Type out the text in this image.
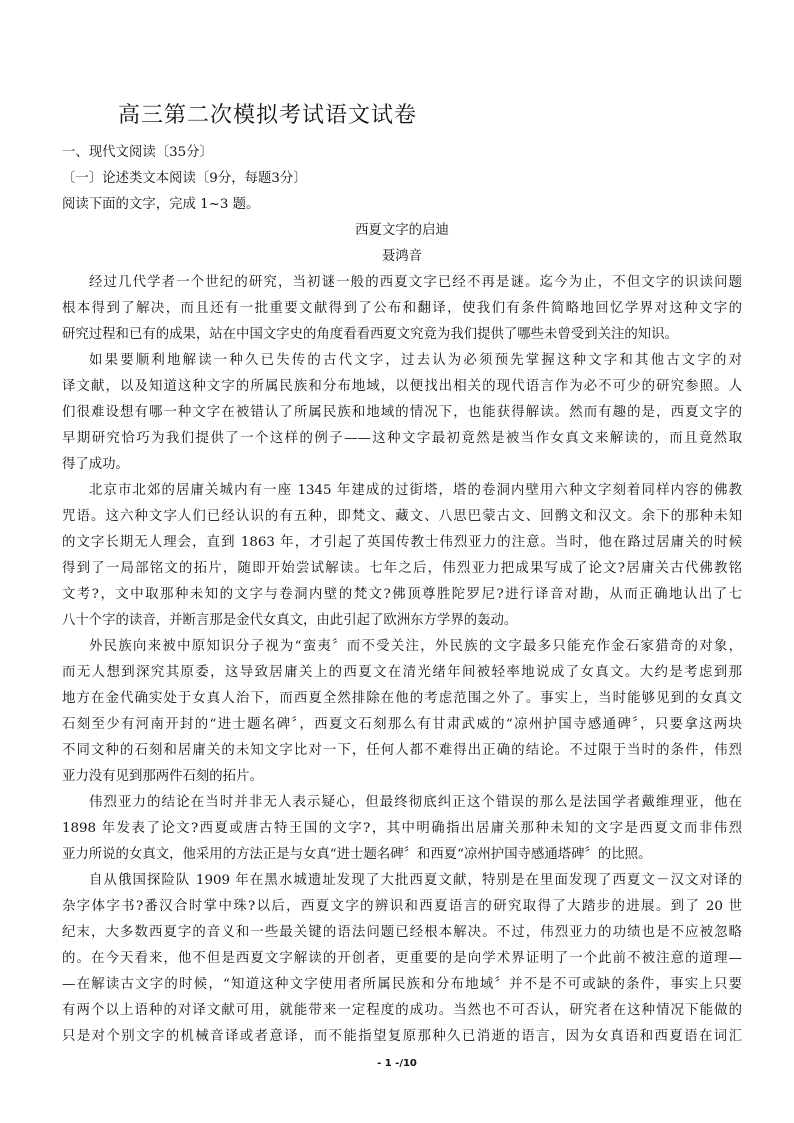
高三第二次模拟考试语文试卷
一、现代文阅读〔35分〕
〔一〕论述类文本阅读〔9分，每题3分〕
阅读下面的文字，完成 1~3 题。
西夏文字的启迪
聂鸿音
经过几代学者一个世纪的研究，当初谜一般的西夏文字已经不再是谜。迄今为止，不但文字的识读问题
根本得到了解决，而且还有一批重要文献得到了公布和翻译，使我们有条件简略地回忆学界对这种文字的
研究过程和已有的成果，站在中国文字史的角度看看西夏文究竟为我们提供了哪些未曾受到关注的知识。
如果要顺利地解读一种久已失传的古代文字，过去认为必须预先掌握这种文字和其他古文字的对
译文献，以及知道这种文字的所属民族和分布地域，以便找出相关的现代语言作为必不可少的研究参照。人
们很难设想有哪一种文字在被错认了所属民族和地域的情况下，也能获得解读。然而有趣的是，西夏文字的
早期研究恰巧为我们提供了一个这样的例子——这种文字最初竟然是被当作女真文来解读的，而且竟然取
得了成功。
北京市北郊的居庸关城内有一座 1345 年建成的过街塔，塔的卷洞内壁用六种文字刻着同样内容的佛教
咒语。这六种文字人们已经认识的有五种，即梵文、藏文、八思巴蒙古文、回鹘文和汉文。余下的那种未知
的文字长期无人理会，直到 1863 年，才引起了英国传教士伟烈亚力的注意。当时，他在路过居庸关的时候
得到了一局部铭文的拓片，随即开始尝试解读。七年之后，伟烈亚力把成果写成了论文?居庸关古代佛教铭
文考?，文中取那种未知的文字与卷洞内壁的梵文?佛顶尊胜陀罗尼?进行译音对勘，从而正确地认出了七
八十个字的读音，并断言那是金代女真文，由此引起了欧洲东方学界的轰动。
外民族向来被中原知识分子视为“蛮夷〞而不受关注，外民族的文字最多只能充作金石家猎奇的对象，
而无人想到深究其原委，这导致居庸关上的西夏文在清光绪年间被轻率地说成了女真文。大约是考虑到那
地方在金代确实处于女真人治下，而西夏全然排除在他的考虑范围之外了。事实上，当时能够见到的女真文
石刻至少有河南开封的“进士题名碑〞，西夏文石刻那么有甘肃武威的“凉州护国寺感通碑〞，只要拿这两块
不同文种的石刻和居庸关的未知文字比对一下，任何人都不难得出正确的结论。不过限于当时的条件，伟烈
亚力没有见到那两件石刻的拓片。
伟烈亚力的结论在当时并非无人表示疑心，但最终彻底纠正这个错误的那么是法国学者戴维理亚，他在
1898 年发表了论文?西夏或唐古特王国的文字?，其中明确指出居庸关那种未知的文字是西夏文而非伟烈
亚力所说的女真文，他采用的方法正是与女真“进士题名碑〞和西夏“凉州护国寺感通塔碑〞的比照。
自从俄国探险队 1909 年在黑水城遗址发现了大批西夏文献，特别是在里面发现了西夏文－汉文对译的
杂字体字书?番汉合时掌中珠?以后，西夏文字的辨识和西夏语言的研究取得了大踏步的进展。到了 20 世
纪末，大多数西夏字的音义和一些最关键的语法问题已经根本解决。不过，伟烈亚力的功绩也是不应被忽略
的。在今天看来，他不但是西夏文字解读的开创者，更重要的是向学术界证明了一个此前不被注意的道理—
—在解读古文字的时候，“知道这种文字使用者所属民族和分布地域〞并不是不可或缺的条件，事实上只要
有两个以上语种的对译文献可用，就能带来一定程度的成功。当然也不可否认，研究者在这种情况下能做的
只是对个别文字的机械音译或者意译，而不能指望复原那种久已消逝的语言，因为女真语和西夏语在词汇
- 1 -/10
